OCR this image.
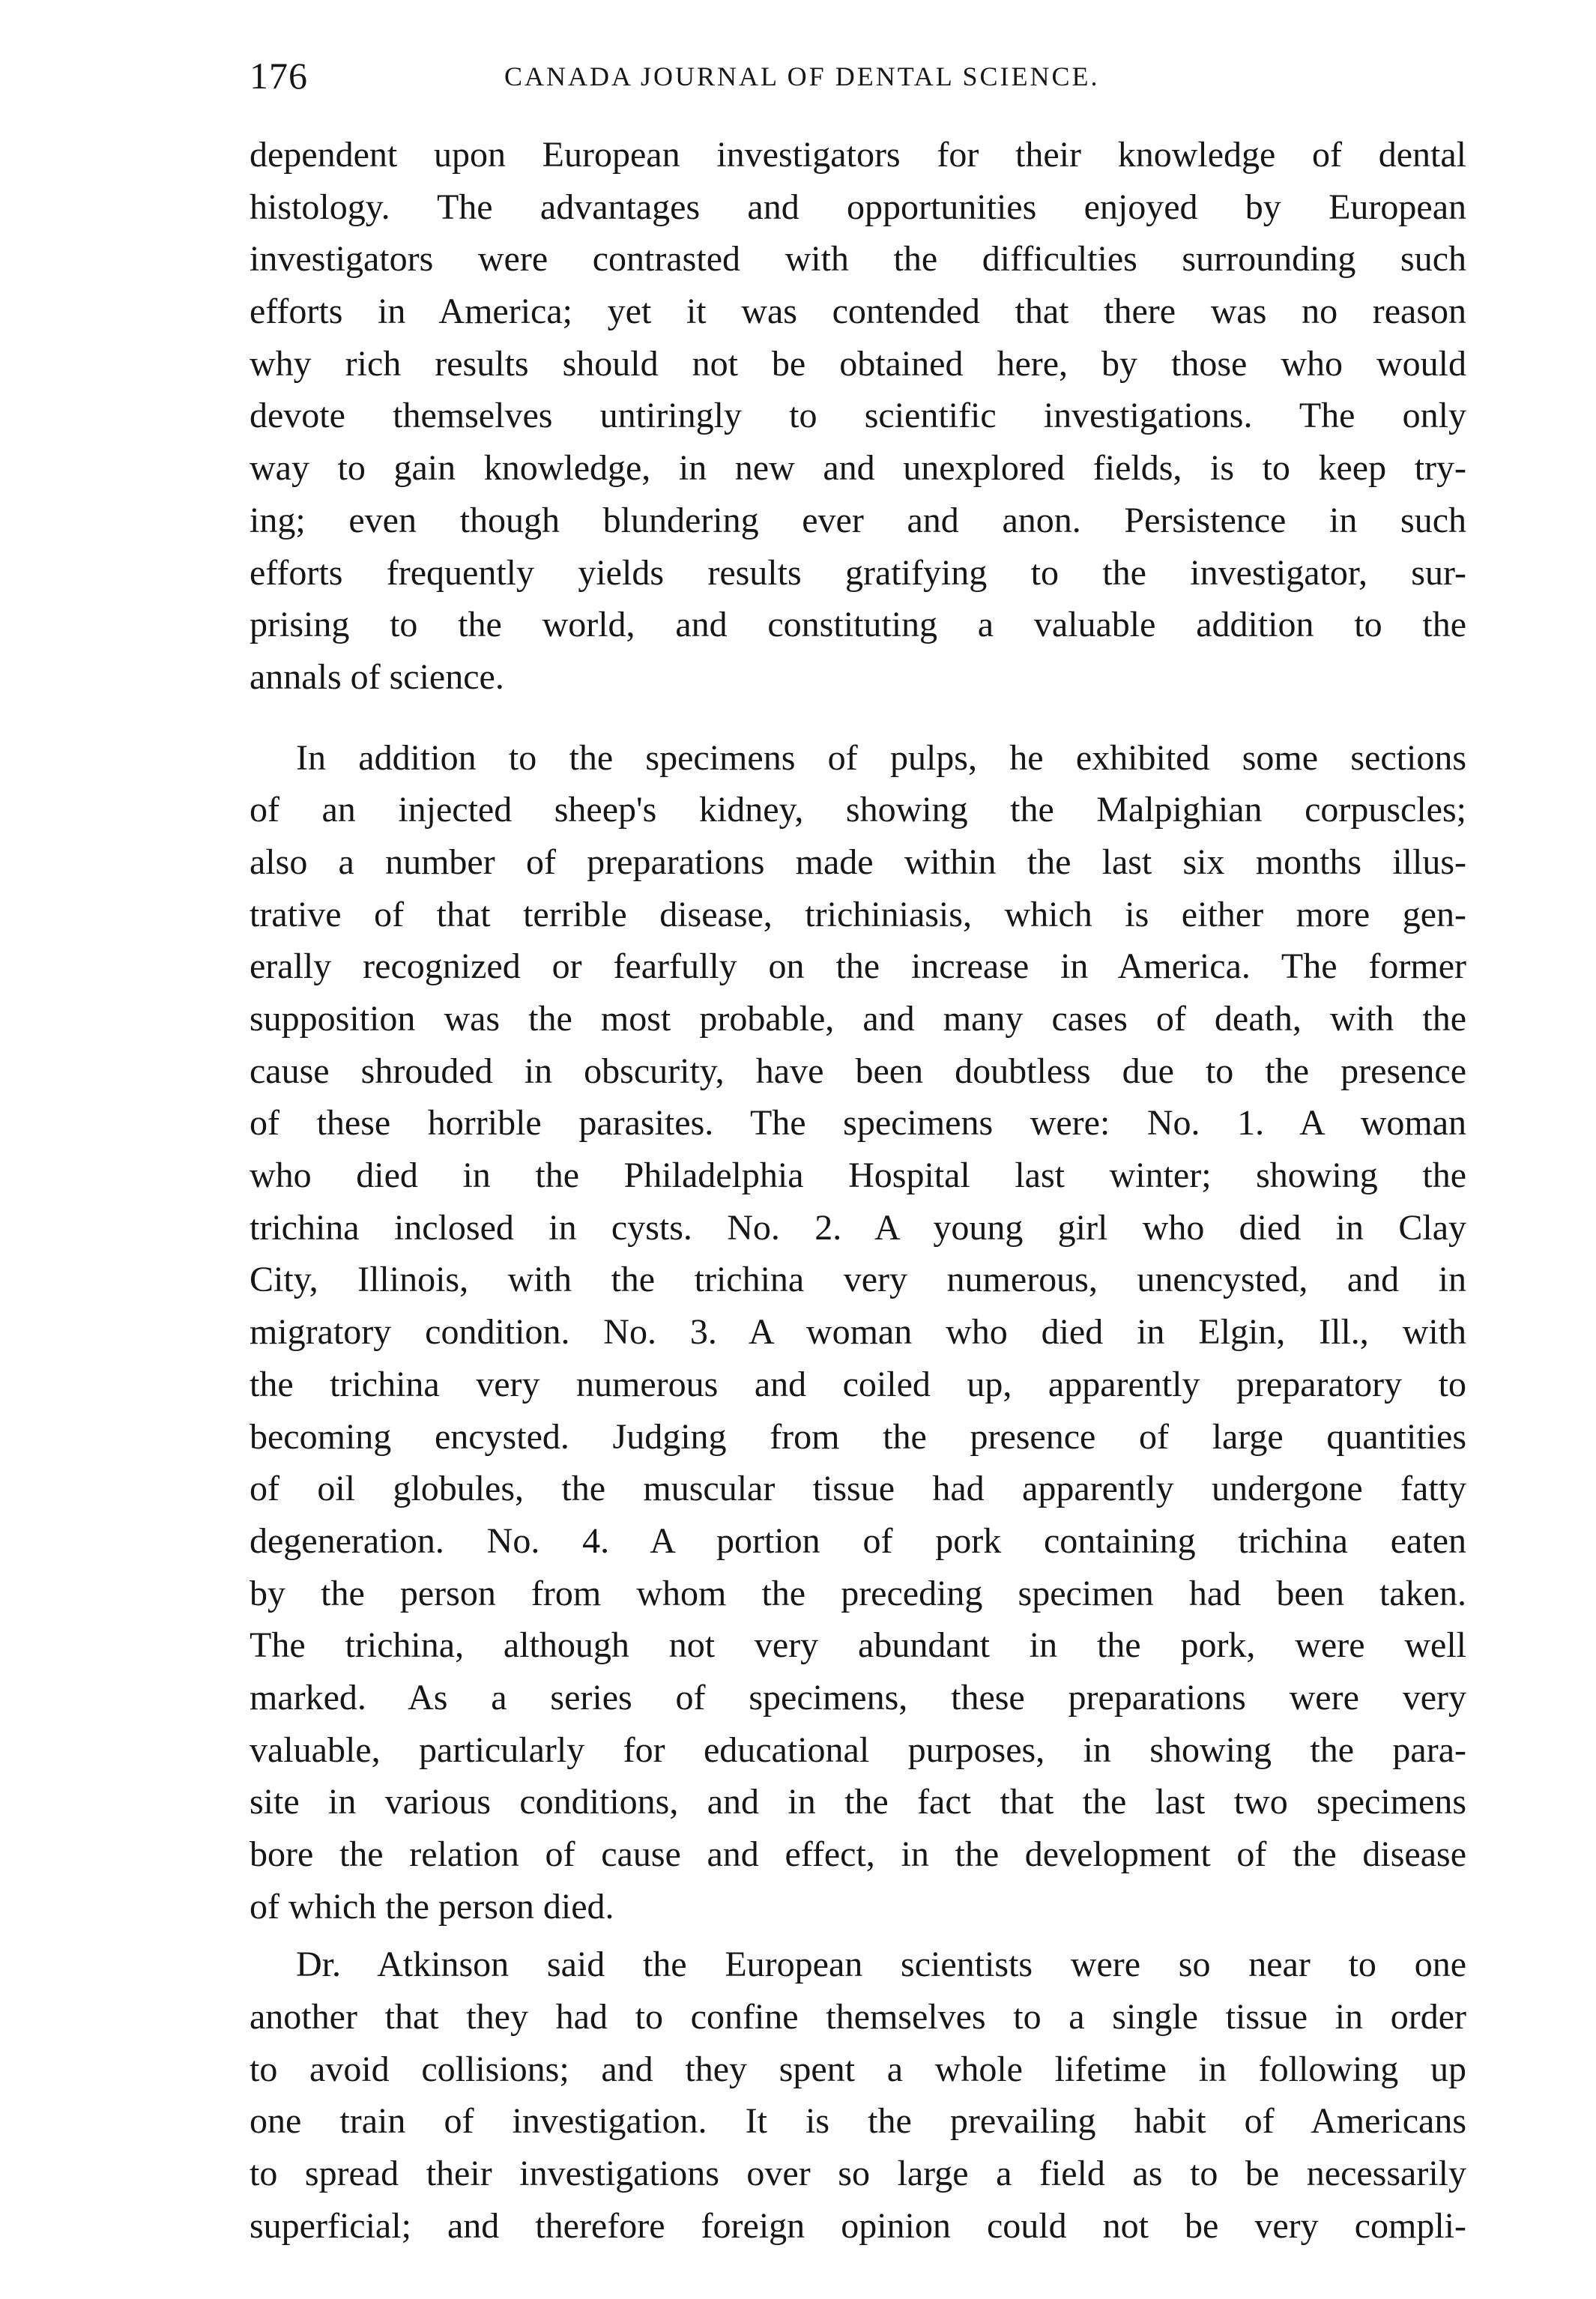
176	CANADA JOURNAL OF DENTAL SCIENCE.
dependent upon European investigators for their knowledge of dental
histology. The advantages and opportunities enjoyed by European
investigators were contrasted with the difficulties surrounding such
efforts in America; yet it was contended that there was no reason
why rich results should not be obtained here, by those who would
devote themselves untiringly to scientific investigations. The only
way to gain knowledge, in new and unexplored fields, is to keep try-
ing; even though blundering ever and anon. Persistence in such
efforts frequently yields results gratifying to the investigator, sur-
prising to the world, and constituting a valuable addition to the
annals of science.
In addition to the specimens of pulps, he exhibited some sections
of an injected sheep's kidney, showing the Malpighian corpuscles;
also a number of preparations made within the last six months illus-
trative of that terrible disease, trichiniasis, which is either more gen-
erally recognized or fearfully on the increase in America. The former
supposition was the most probable, and many cases of death, with the
cause shrouded in obscurity, have been doubtless due to the presence
of these horrible parasites. The specimens were: No. 1. A woman
who died in the Philadelphia Hospital last winter; showing the
trichina inclosed in cysts. No. 2. A young girl who died in Clay
City, Illinois, with the trichina very numerous, unencysted, and in
migratory condition. No. 3. A woman who died in Elgin, Ill., with
the trichina very numerous and coiled up, apparently preparatory to
becoming encysted. Judging from the presence of large quantities
of oil globules, the muscular tissue had apparently undergone fatty
degeneration. No. 4. A portion of pork containing trichina eaten
by the person from whom the preceding specimen had been taken.
The trichina, although not very abundant in the pork, were well
marked. As a series of specimens, these preparations were very
valuable, particularly for educational purposes, in showing the para-
site in various conditions, and in the fact that the last two specimens
bore the relation of cause and effect, in the development of the disease
of which the person died.
Dr. Atkinson said the European scientists were so near to one
another that they had to confine themselves to a single tissue in order
to avoid collisions; and they spent a whole lifetime in following up
one train of investigation. It is the prevailing habit of Americans
to spread their investigations over so large a field as to be necessarily
superficial; and therefore foreign opinion could not be very compli-
